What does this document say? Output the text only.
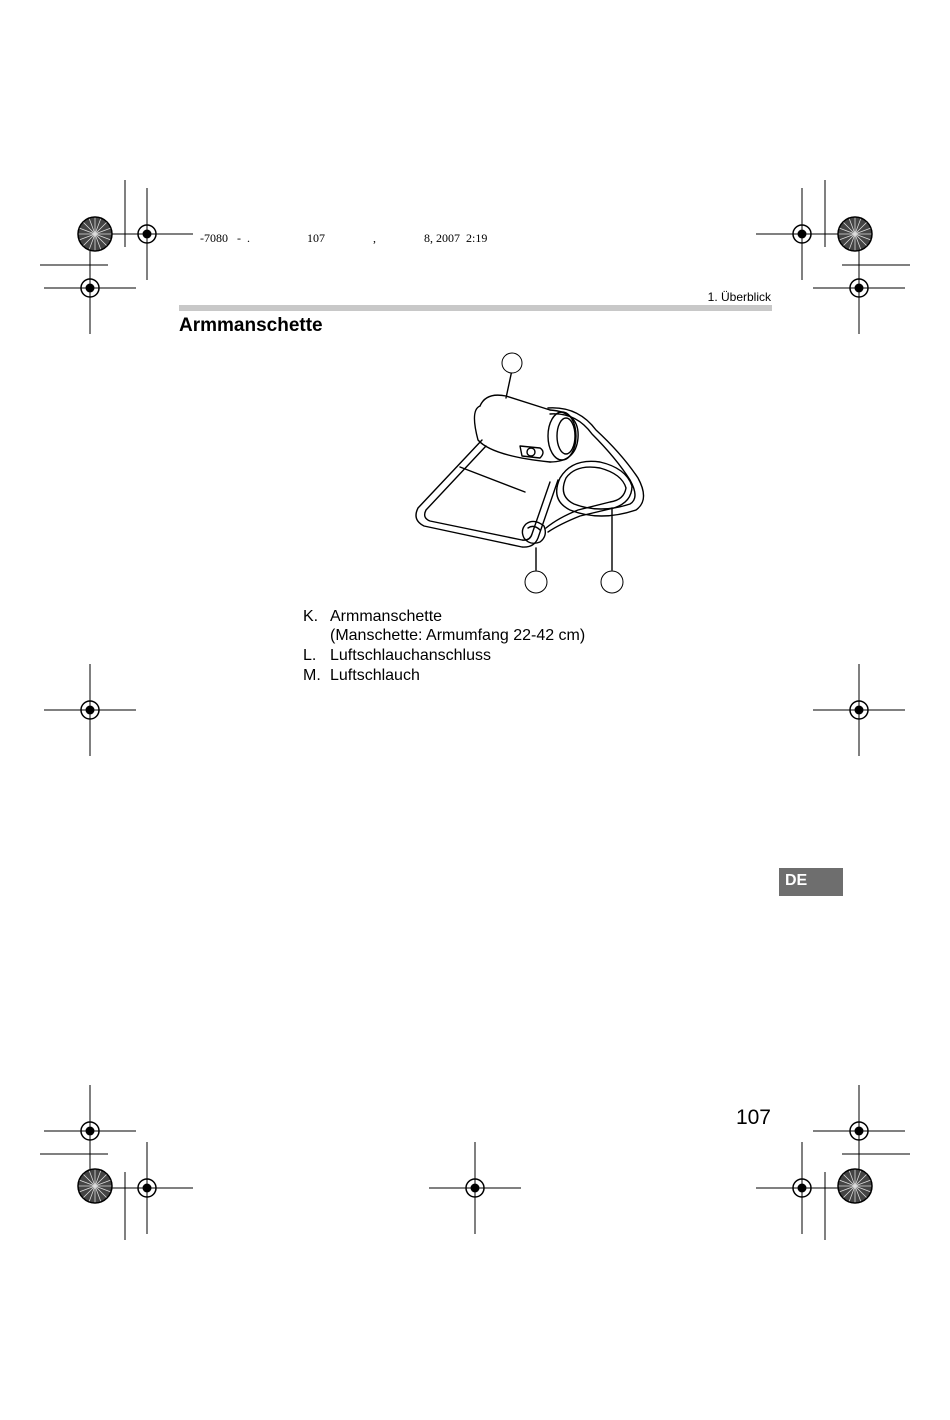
-7080   -  .                   107                ,                8, 2007  2:19
1. Überblick
Armmanschette
K. Armmanschette
(Manschette: Armumfang 22-42 cm)
L. Luftschlauchanschluss
M. Luftschlauch
DE
107
